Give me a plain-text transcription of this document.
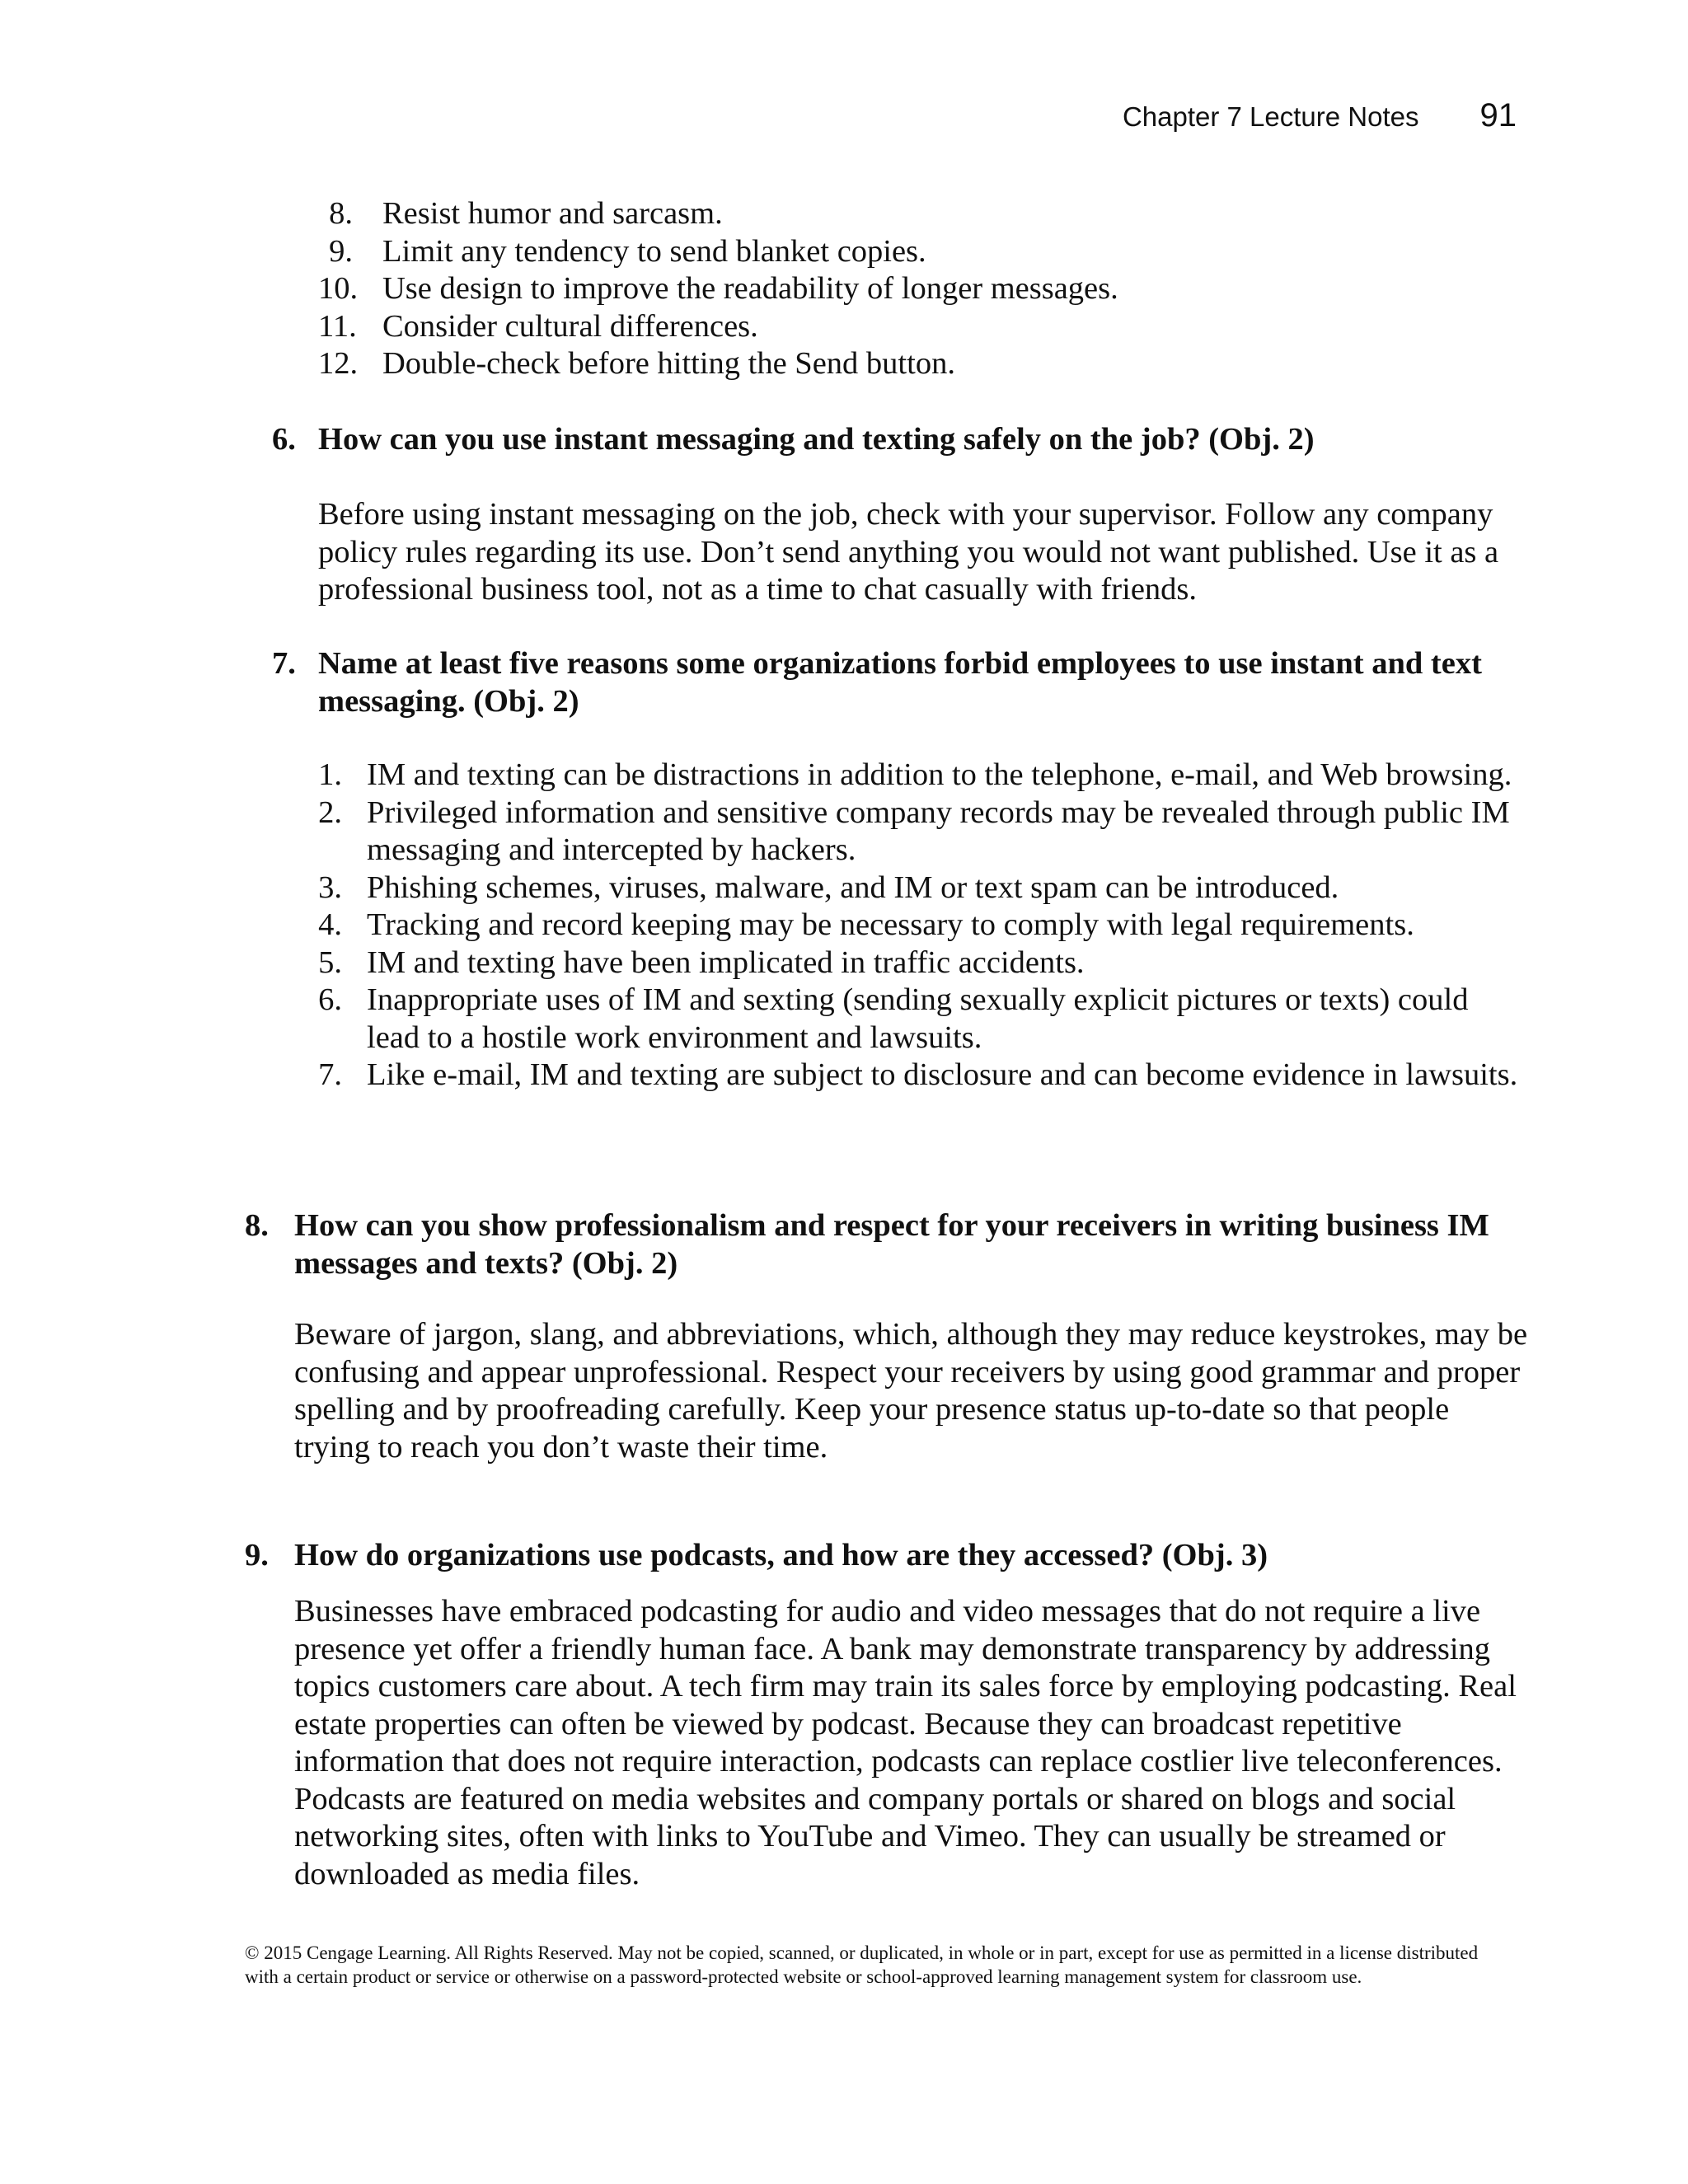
Chapter 7 Lecture Notes 91
8. Resist humor and sarcasm.
9. Limit any tendency to send blanket copies.
10. Use design to improve the readability of longer messages.
11. Consider cultural differences.
12. Double-check before hitting the Send button.

6. How can you use instant messaging and texting safely on the job? (Obj. 2)

Before using instant messaging on the job, check with your supervisor. Follow any company policy rules regarding its use. Don’t send anything you would not want published. Use it as a professional business tool, not as a time to chat casually with friends.

7. Name at least five reasons some organizations forbid employees to use instant and text messaging. (Obj. 2)

1. IM and texting can be distractions in addition to the telephone, e-mail, and Web browsing.
2. Privileged information and sensitive company records may be revealed through public IM messaging and intercepted by hackers.
3. Phishing schemes, viruses, malware, and IM or text spam can be introduced.
4. Tracking and record keeping may be necessary to comply with legal requirements.
5. IM and texting have been implicated in traffic accidents.
6. Inappropriate uses of IM and sexting (sending sexually explicit pictures or texts) could lead to a hostile work environment and lawsuits.
7. Like e-mail, IM and texting are subject to disclosure and can become evidence in lawsuits.

8. How can you show professionalism and respect for your receivers in writing business IM messages and texts? (Obj. 2)

Beware of jargon, slang, and abbreviations, which, although they may reduce keystrokes, may be confusing and appear unprofessional. Respect your receivers by using good grammar and proper spelling and by proofreading carefully. Keep your presence status up-to-date so that people trying to reach you don’t waste their time.

9. How do organizations use podcasts, and how are they accessed? (Obj. 3)

Businesses have embraced podcasting for audio and video messages that do not require a live presence yet offer a friendly human face. A bank may demonstrate transparency by addressing topics customers care about. A tech firm may train its sales force by employing podcasting. Real estate properties can often be viewed by podcast. Because they can broadcast repetitive information that does not require interaction, podcasts can replace costlier live teleconferences. Podcasts are featured on media websites and company portals or shared on blogs and social networking sites, often with links to YouTube and Vimeo. They can usually be streamed or downloaded as media files.

© 2015 Cengage Learning. All Rights Reserved. May not be copied, scanned, or duplicated, in whole or in part, except for use as permitted in a license distributed with a certain product or service or otherwise on a password-protected website or school-approved learning management system for classroom use.
